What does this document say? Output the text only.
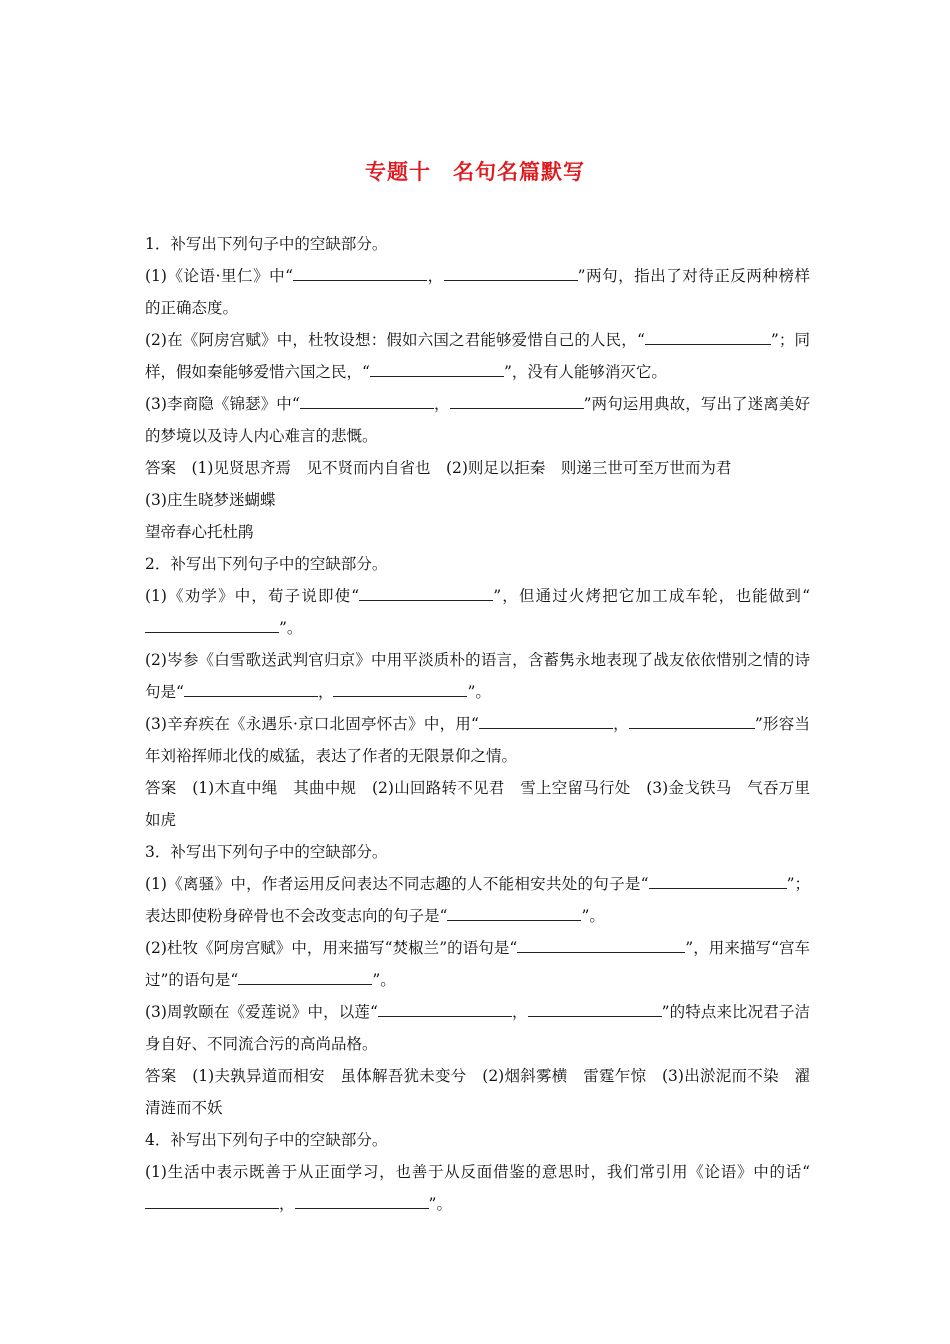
专题十　名句名篇默写

1．补写出下列句子中的空缺部分。

(1)《论语·里仁》中“	，	”两句，指出了对待正反两种榜样的正确态度。

(2)在《阿房宫赋》中，杜牧设想：假如六国之君能够爱惜自己的人民，“	”；同样，假如秦能够爱惜六国之民，“	”，没有人能够消灭它。

(3)李商隐《锦瑟》中“	，	”两句运用典故，写出了迷离美好的梦境以及诗人内心难言的悲慨。

答案　(1)见贤思齐焉　见不贤而内自省也　(2)则足以拒秦　则递三世可至万世而为君

(3)庄生晓梦迷蝴蝶

望帝春心托杜鹃

2．补写出下列句子中的空缺部分。

(1)《劝学》中，荀子说即使“	”，但通过火烤把它加工成车轮，也能做到“”。

(2)岑参《白雪歌送武判官归京》中用平淡质朴的语言，含蓄隽永地表现了战友依依惜别之情的诗句是“	，	”。

(3)辛弃疾在《永遇乐·京口北固亭怀古》中，用“	，	”形容当年刘裕挥师北伐的威猛，表达了作者的无限景仰之情。

答案　(1)木直中绳　其曲中规　(2)山回路转不见君　雪上空留马行处　(3)金戈铁马　气吞万里如虎

3．补写出下列句子中的空缺部分。

(1)《离骚》中，作者运用反问表达不同志趣的人不能相安共处的句子是“	”；表达即使粉身碎骨也不会改变志向的句子是“	”。

(2)杜牧《阿房宫赋》中，用来描写“焚椒兰”的语句是“	”，用来描写“宫车过”的语句是“	”。

(3)周敦颐在《爱莲说》中，以莲“	，	”的特点来比况君子洁身自好、不同流合污的高尚品格。

答案　(1)夫孰异道而相安　虽体解吾犹未变兮　(2)烟斜雾横　雷霆乍惊　(3)出淤泥而不染　濯清涟而不妖

4．补写出下列句子中的空缺部分。

(1)生活中表示既善于从正面学习，也善于从反面借鉴的意思时，我们常引用《论语》中的话“，	”。
